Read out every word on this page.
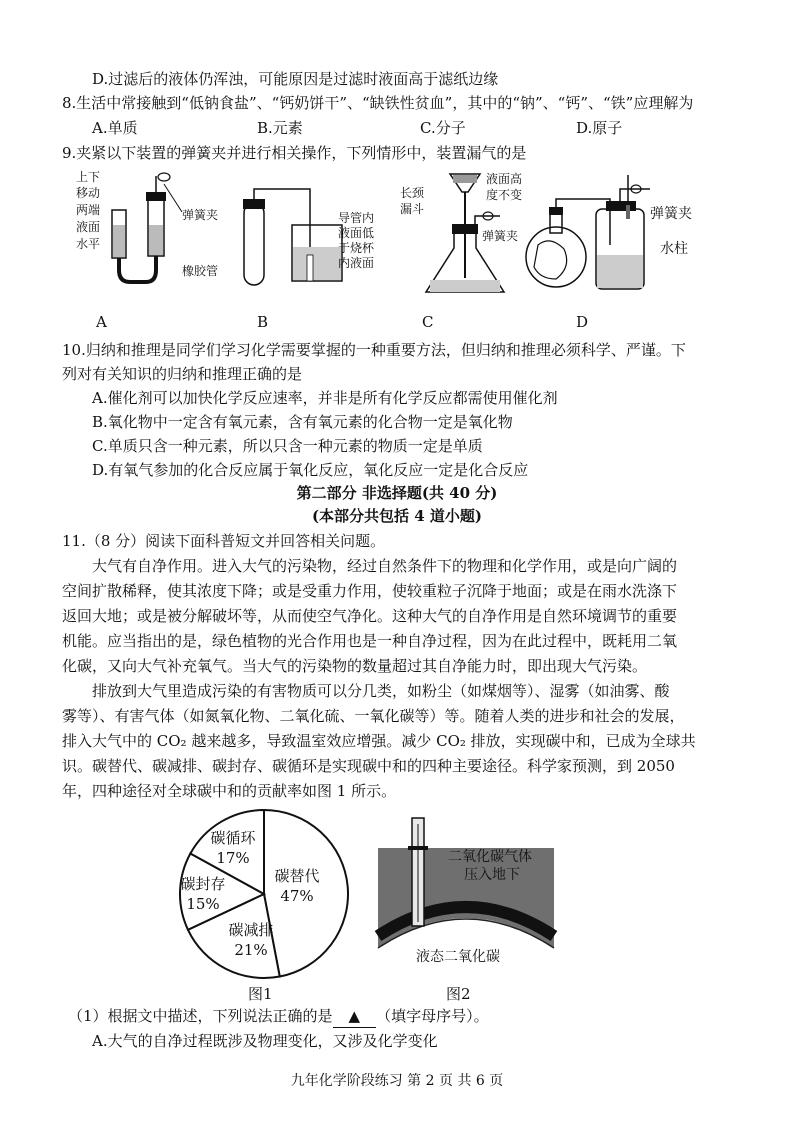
D.过滤后的液体仍浑浊，可能原因是过滤时液面高于滤纸边缘
8.生活中常接触到“低钠食盐”、“钙奶饼干”、“缺铁性贫血”，其中的“钠”、“钙”、“铁”应理解为
A.单质	B.元素	C.分子	D.原子
9.夹紧以下装置的弹簧夹并进行相关操作，下列情形中，装置漏气的是
上下
移动
两端
液面
水平
弹簧夹
橡胶管
A
导管内
液面低
于烧杯
内液面
B
长颈
漏斗
液面高
度不变
弹簧夹
C
弹簧夹
水柱
D
10.归纳和推理是同学们学习化学需要掌握的一种重要方法，但归纳和推理必须科学、严谨。下
列对有关知识的归纳和推理正确的是
A.催化剂可以加快化学反应速率，并非是所有化学反应都需使用催化剂
B.氧化物中一定含有氧元素，含有氧元素的化合物一定是氧化物
C.单质只含一种元素，所以只含一种元素的物质一定是单质
D.有氧气参加的化合反应属于氧化反应，氧化反应一定是化合反应
第二部分 非选择题(共 40 分)
(本部分共包括 4 道小题)
11.（8 分）阅读下面科普短文并回答相关问题。
大气有自净作用。进入大气的污染物，经过自然条件下的物理和化学作用，或是向广阔的
空间扩散稀释，使其浓度下降；或是受重力作用，使较重粒子沉降于地面；或是在雨水洗涤下
返回大地；或是被分解破坏等，从而使空气净化。这种大气的自净作用是自然环境调节的重要
机能。应当指出的是，绿色植物的光合作用也是一种自净过程，因为在此过程中，既耗用二氧
化碳，又向大气补充氧气。当大气的污染物的数量超过其自净能力时，即出现大气污染。
排放到大气里造成污染的有害物质可以分几类，如粉尘（如煤烟等）、湿雾（如油雾、酸
雾等）、有害气体（如氮氧化物、二氧化硫、一氧化碳等）等。随着人类的进步和社会的发展，
排入大气中的 CO₂ 越来越多，导致温室效应增强。减少 CO₂ 排放，实现碳中和，已成为全球共
识。碳替代、碳减排、碳封存、碳循环是实现碳中和的四种主要途径。科学家预测，到 2050
年，四种途径对全球碳中和的贡献率如图 1 所示。
碳循环
17%
碳替代
47%
碳封存
15%
碳减排
21%
图1
二氧化碳气体
压入地下
液态二氧化碳
图2
（1）根据文中描述，下列说法正确的是 ▲ （填字母序号）。
A.大气的自净过程既涉及物理变化，又涉及化学变化
九年化学阶段练习 第 2 页 共 6 页
